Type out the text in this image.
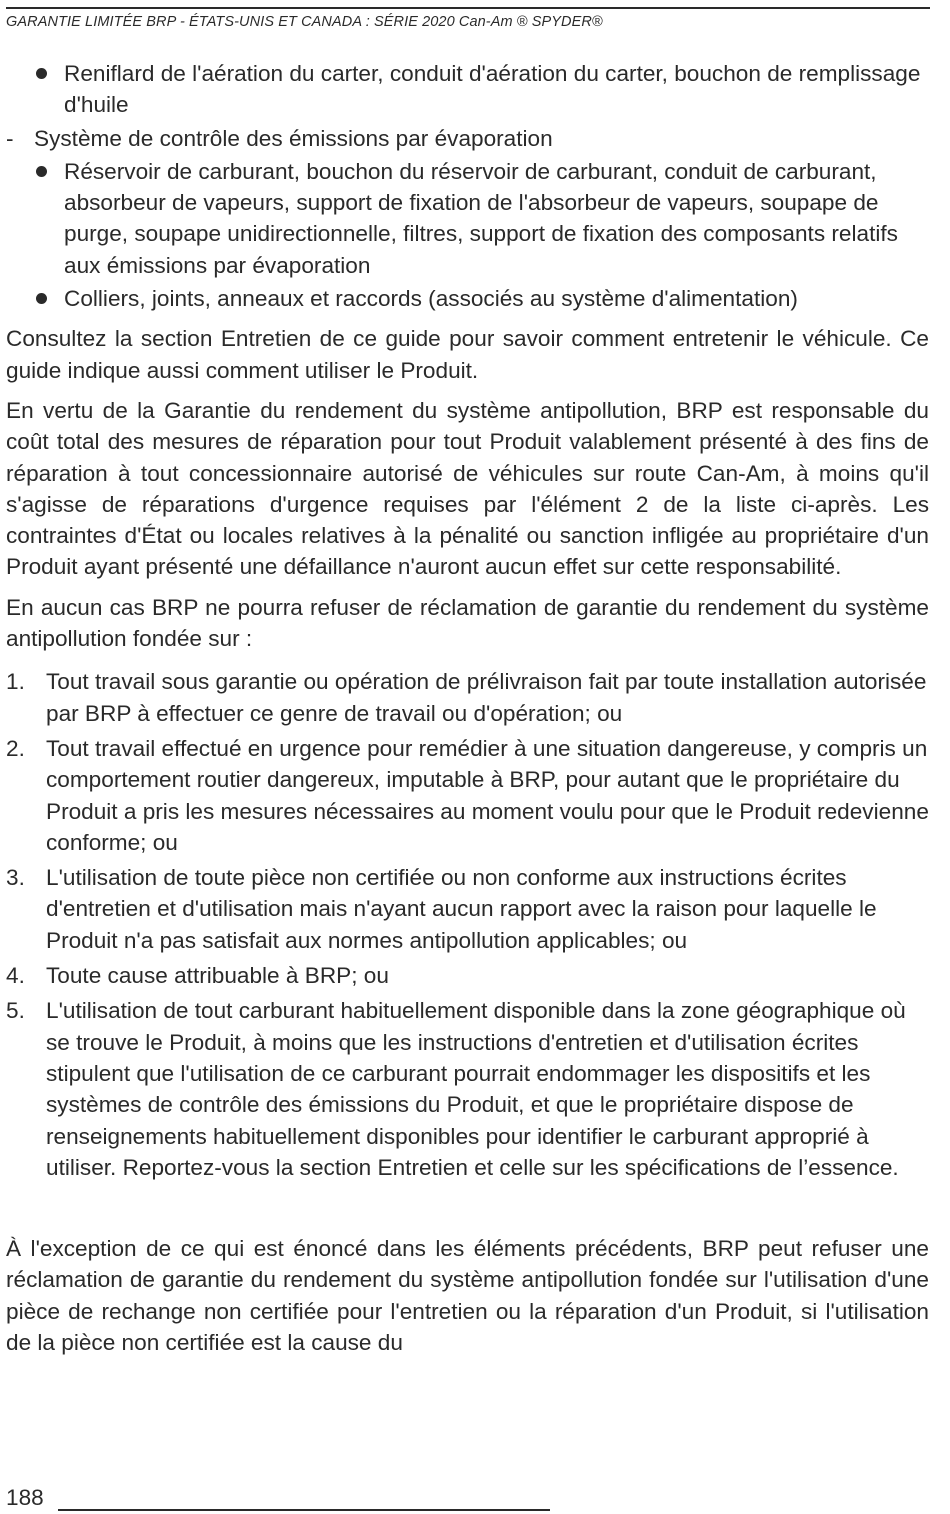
GARANTIE LIMITÉE BRP - ÉTATS-UNIS ET CANADA : SÉRIE 2020 Can-Am ® SPYDER®
Reniflard de l'aération du carter, conduit d'aération du carter, bouchon de remplissage d'huile
- Système de contrôle des émissions par évaporation
Réservoir de carburant, bouchon du réservoir de carburant, conduit de carburant, absorbeur de vapeurs, support de fixation de l'absorbeur de vapeurs, soupape de purge, soupape unidirectionnelle, filtres, support de fixation des composants relatifs aux émissions par évaporation
Colliers, joints, anneaux et raccords (associés au système d'alimentation)

Consultez la section Entretien de ce guide pour savoir comment entretenir le véhicule. Ce guide indique aussi comment utiliser le Produit.

En vertu de la Garantie du rendement du système antipollution, BRP est responsable du coût total des mesures de réparation pour tout Produit valablement présenté à des fins de réparation à tout concessionnaire autorisé de véhicules sur route Can-Am, à moins qu'il s'agisse de réparations d'urgence requises par l'élément 2 de la liste ci-après. Les contraintes d'État ou locales relatives à la pénalité ou sanction infligée au propriétaire d'un Produit ayant présenté une défaillance n'auront aucun effet sur cette responsabilité.

En aucun cas BRP ne pourra refuser de réclamation de garantie du rendement du système antipollution fondée sur :

1. Tout travail sous garantie ou opération de prélivraison fait par toute installation autorisée par BRP à effectuer ce genre de travail ou d'opération; ou
2. Tout travail effectué en urgence pour remédier à une situation dangereuse, y compris un comportement routier dangereux, imputable à BRP, pour autant que le propriétaire du Produit a pris les mesures nécessaires au moment voulu pour que le Produit redevienne conforme; ou
3. L'utilisation de toute pièce non certifiée ou non conforme aux instructions écrites d'entretien et d'utilisation mais n'ayant aucun rapport avec la raison pour laquelle le Produit n'a pas satisfait aux normes antipollution applicables; ou
4. Toute cause attribuable à BRP; ou
5. L'utilisation de tout carburant habituellement disponible dans la zone géographique où se trouve le Produit, à moins que les instructions d'entretien et d'utilisation écrites stipulent que l'utilisation de ce carburant pourrait endommager les dispositifs et les systèmes de contrôle des émissions du Produit, et que le propriétaire dispose de renseignements habituellement disponibles pour identifier le carburant approprié à utiliser. Reportez-vous la section Entretien et celle sur les spécifications de l’essence.

À l'exception de ce qui est énoncé dans les éléments précédents, BRP peut refuser une réclamation de garantie du rendement du système antipollution fondée sur l'utilisation d'une pièce de rechange non certifiée pour l'entretien ou la réparation d'un Produit, si l'utilisation de la pièce non certifiée est la cause du

188
